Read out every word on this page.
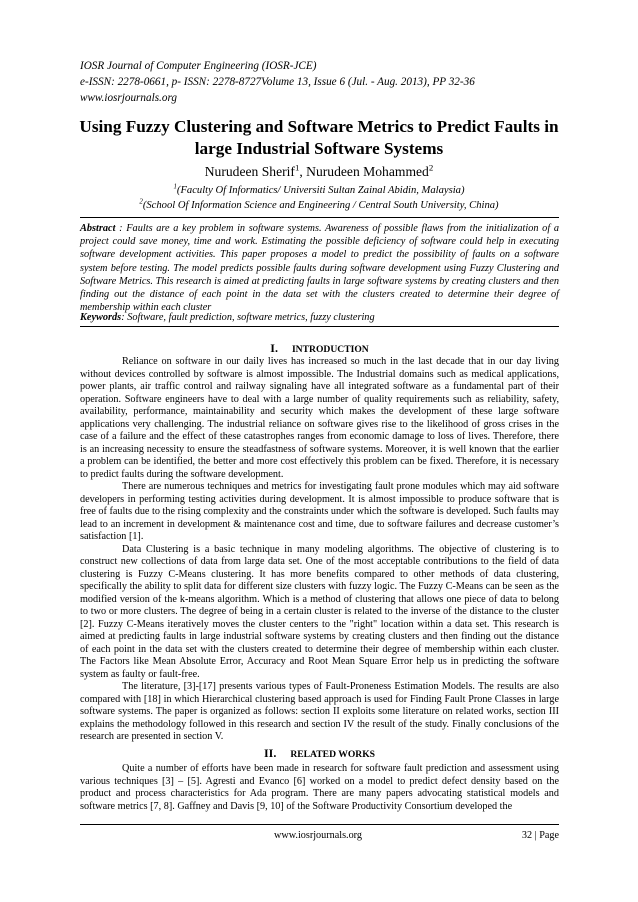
IOSR Journal of Computer Engineering (IOSR-JCE)
e-ISSN: 2278-0661, p- ISSN: 2278-8727Volume 13, Issue 6 (Jul. - Aug. 2013), PP 32-36
www.iosrjournals.org
Using Fuzzy Clustering and Software Metrics to Predict Faults in large Industrial Software Systems
Nurudeen Sherif$^1$, Nurudeen Mohammed$^2$
$^1$(Faculty Of Informatics/ Universiti Sultan Zainal Abidin, Malaysia)
$^2$(School Of Information Science and Engineering / Central South University, China)
Abstract : Faults are a key problem in software systems. Awareness of possible flaws from the initialization of a project could save money, time and work. Estimating the possible deficiency of software could help in executing software development activities. This paper proposes a model to predict the possibility of faults on a software system before testing. The model predicts possible faults during software development using Fuzzy Clustering and Software Metrics. This research is aimed at predicting faults in large software systems by creating clusters and then finding out the distance of each point in the data set with the clusters created to determine their degree of membership within each cluster
Keywords: Software, fault prediction, software metrics, fuzzy clustering
I. INTRODUCTION

Reliance on software in our daily lives has increased so much in the last decade that in our day living without devices controlled by software is almost impossible. The Industrial domains such as medical applications, power plants, air traffic control and railway signaling have all integrated software as a fundamental part of their operation. Software engineers have to deal with a large number of quality requirements such as reliability, safety, availability, performance, maintainability and security which makes the development of these large software applications very challenging. The industrial reliance on software gives rise to the likelihood of gross crises in the case of a failure and the effect of these catastrophes ranges from economic damage to loss of lives. Therefore, there is an increasing necessity to ensure the steadfastness of software systems. Moreover, it is well known that the earlier a problem can be identified, the better and more cost effectively this problem can be fixed. Therefore, it is necessary to predict faults during the software development.

There are numerous techniques and metrics for investigating fault prone modules which may aid software developers in performing testing activities during development. It is almost impossible to produce software that is free of faults due to the rising complexity and the constraints under which the software is developed. Such faults may lead to an increment in development & maintenance cost and time, due to software failures and decrease customer’s satisfaction [1].

Data Clustering is a basic technique in many modeling algorithms. The objective of clustering is to construct new collections of data from large data set. One of the most acceptable contributions to the field of data clustering is Fuzzy C-Means clustering. It has more benefits compared to other methods of data clustering, specifically the ability to split data for different size clusters with fuzzy logic. The Fuzzy C-Means can be seen as the modified version of the k-means algorithm. Which is a method of clustering that allows one piece of data to belong to two or more clusters. The degree of being in a certain cluster is related to the inverse of the distance to the cluster [2]. Fuzzy C-Means iteratively moves the cluster centers to the "right" location within a data set. This research is aimed at predicting faults in large industrial software systems by creating clusters and then finding out the distance of each point in the data set with the clusters created to determine their degree of membership within each cluster. The Factors like Mean Absolute Error, Accuracy and Root Mean Square Error help us in predicting the software system as faulty or fault-free.

The literature, [3]-[17] presents various types of Fault-Proneness Estimation Models. The results are also compared with [18] in which Hierarchical clustering based approach is used for Finding Fault Prone Classes in large software systems. The paper is organized as follows: section II exploits some literature on related works, section III explains the methodology followed in this research and section IV the result of the study. Finally conclusions of the research are presented in section V.

II. RELATED WORKS

Quite a number of efforts have been made in research for software fault prediction and assessment using various techniques [3] – [5]. Agresti and Evanco [6] worked on a model to predict defect density based on the product and process characteristics for Ada program. There are many papers advocating statistical models and software metrics [7, 8]. Gaffney and Davis [9, 10] of the Software Productivity Consortium developed the

www.iosrjournals.org	32 | Page
